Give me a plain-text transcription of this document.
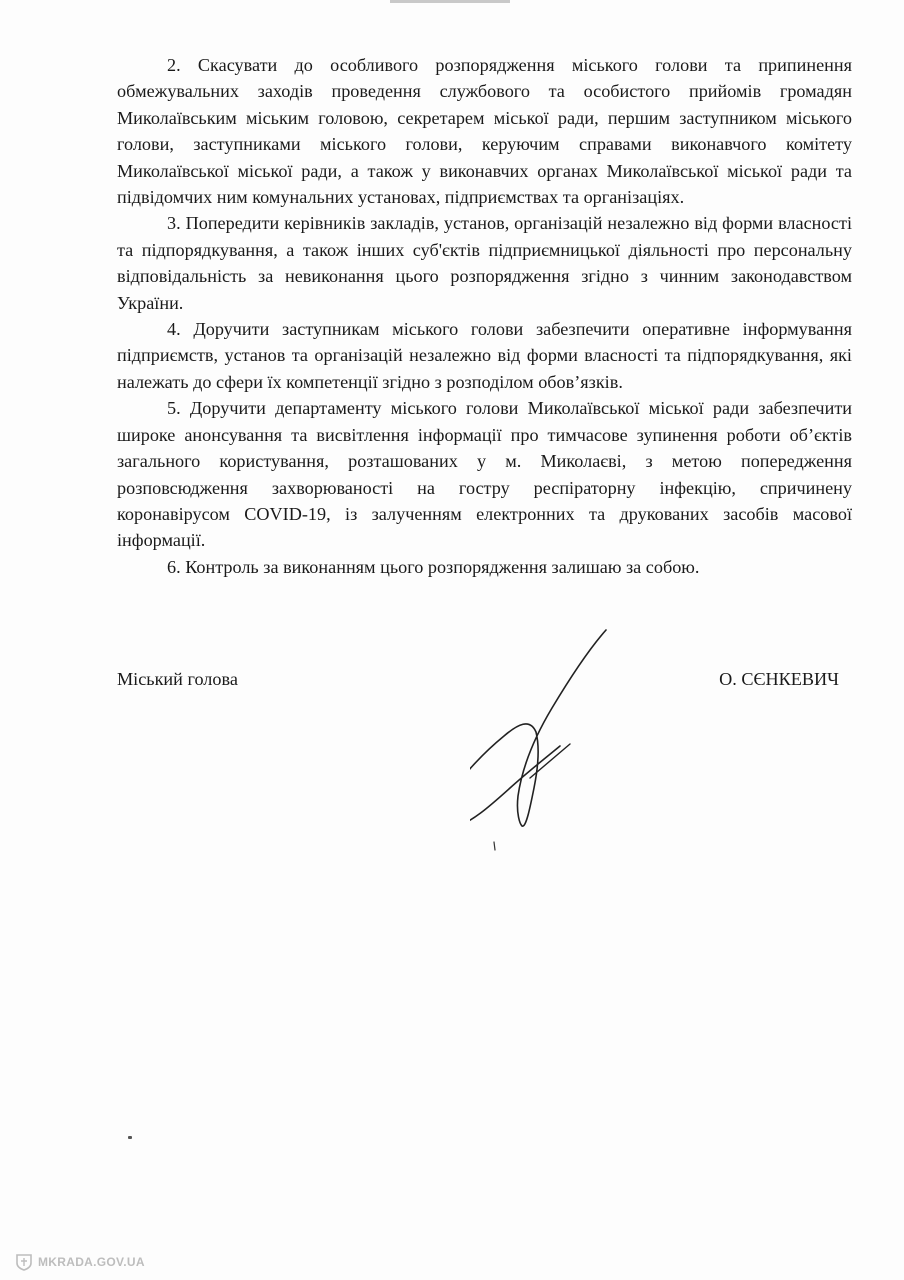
2. Скасувати до особливого розпорядження міського голови та припинення обмежувальних заходів проведення службового та особистого прийомів громадян Миколаївським міським головою, секретарем міської ради, першим заступником міського голови, заступниками міського голови, керуючим справами виконавчого комітету Миколаївської міської ради, а також у виконавчих органах Миколаївської міської ради та підвідомчих ним комунальних установах, підприємствах та організаціях.

3. Попередити керівників закладів, установ, організацій незалежно від форми власності та підпорядкування, а також інших суб'єктів підприємницької діяльності про персональну відповідальність за невиконання цього розпорядження згідно з чинним законодавством України.

4. Доручити заступникам міського голови забезпечити оперативне інформування підприємств, установ та організацій незалежно від форми власності та підпорядкування, які належать до сфери їх компетенції згідно з розподілом обов’язків.

5. Доручити департаменту міського голови Миколаївської міської ради забезпечити широке анонсування та висвітлення інформації про тимчасове зупинення роботи об’єктів загального користування, розташованих у м. Миколаєві, з метою попередження розповсюдження захворюваності на гостру респіраторну інфекцію, спричинену коронавірусом COVID-19, із залученням електронних та друкованих засобів масової інформації.

6. Контроль за виконанням цього розпорядження залишаю за собою.

Міський голова	О. СЄНКЕВИЧ
MKRADA.GOV.UA
